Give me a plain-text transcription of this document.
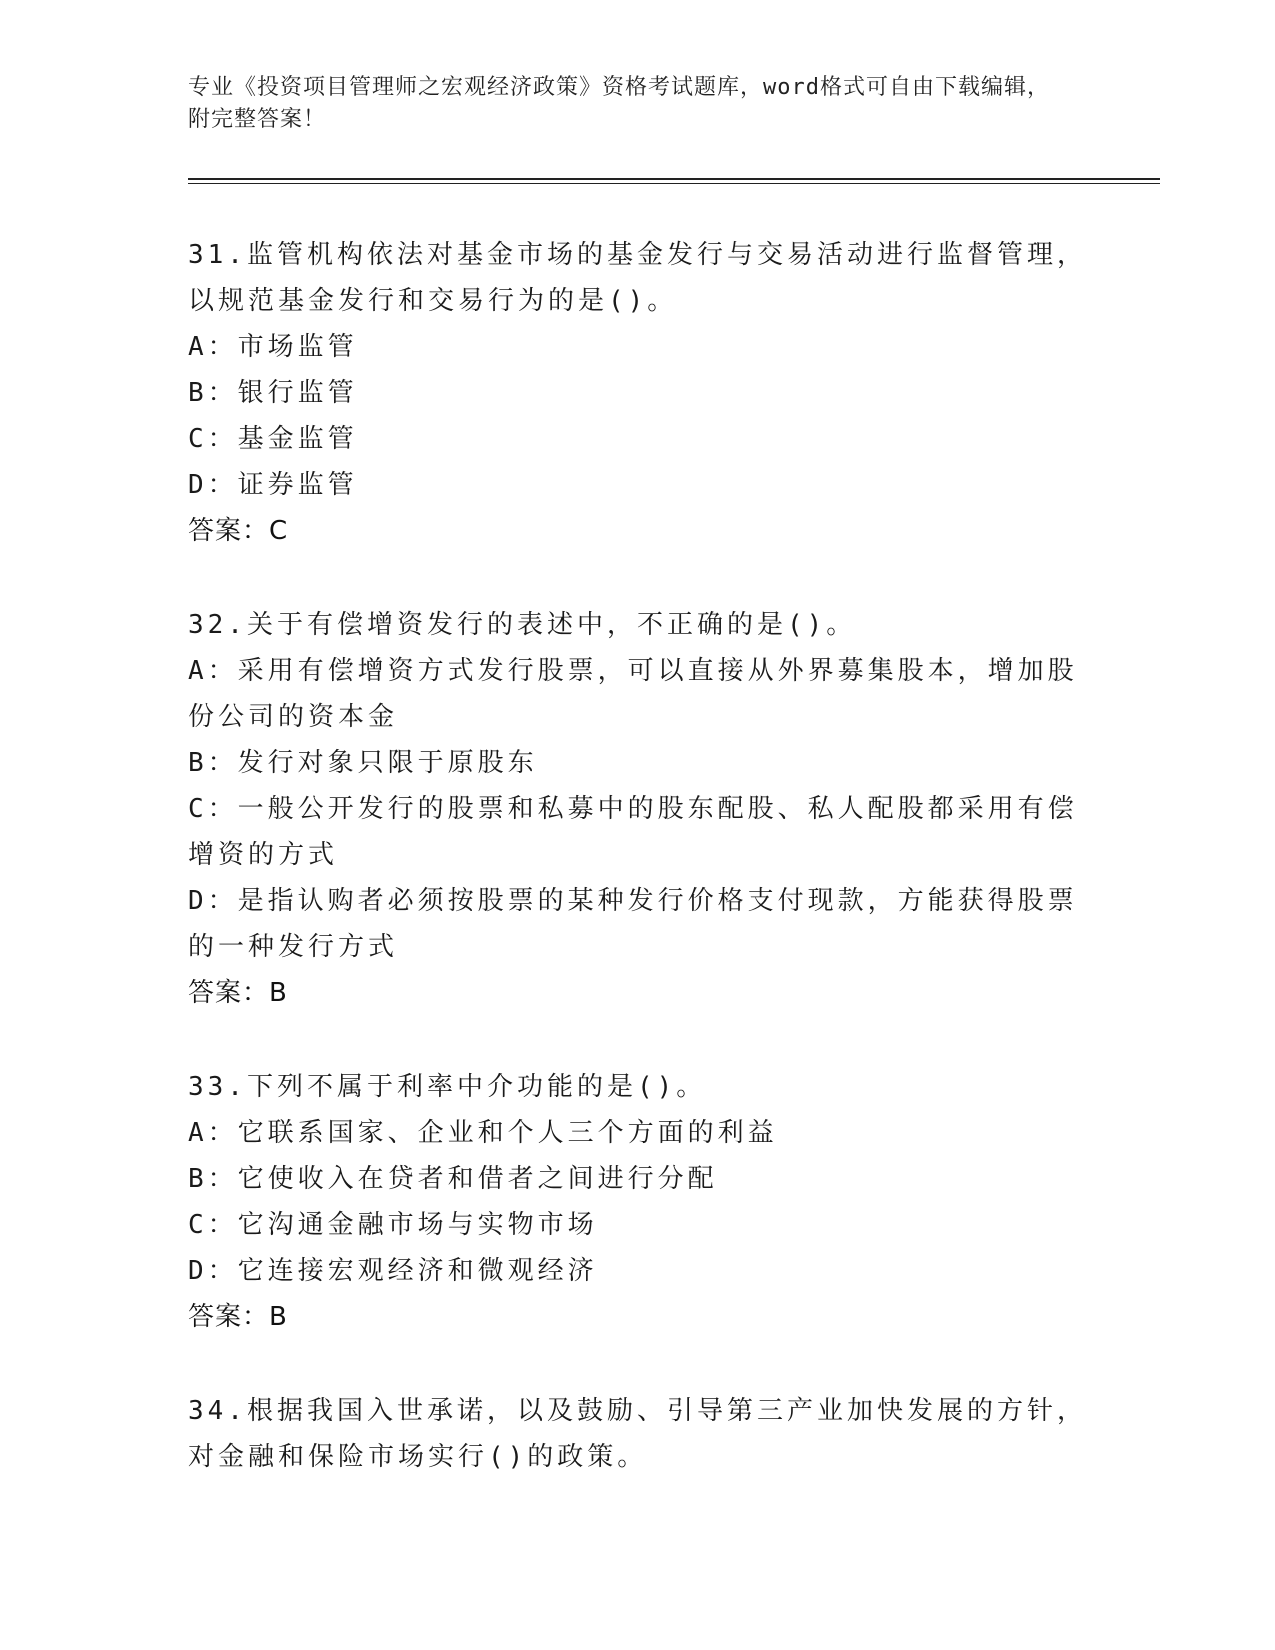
专业《投资项目管理师之宏观经济政策》资格考试题库，word格式可自由下载编辑，附完整答案！
31.监管机构依法对基金市场的基金发行与交易活动进行监督管理，以规范基金发行和交易行为的是()。
A：市场监管
B：银行监管
C：基金监管
D：证券监管
答案：C
32.关于有偿增资发行的表述中，不正确的是()。
A：采用有偿增资方式发行股票，可以直接从外界募集股本，增加股份公司的资本金
B：发行对象只限于原股东
C：一般公开发行的股票和私募中的股东配股、私人配股都采用有偿增资的方式
D：是指认购者必须按股票的某种发行价格支付现款，方能获得股票的一种发行方式
答案：B
33.下列不属于利率中介功能的是()。
A：它联系国家、企业和个人三个方面的利益
B：它使收入在贷者和借者之间进行分配
C：它沟通金融市场与实物市场
D：它连接宏观经济和微观经济
答案：B
34.根据我国入世承诺，以及鼓励、引导第三产业加快发展的方针，对金融和保险市场实行()的政策。
